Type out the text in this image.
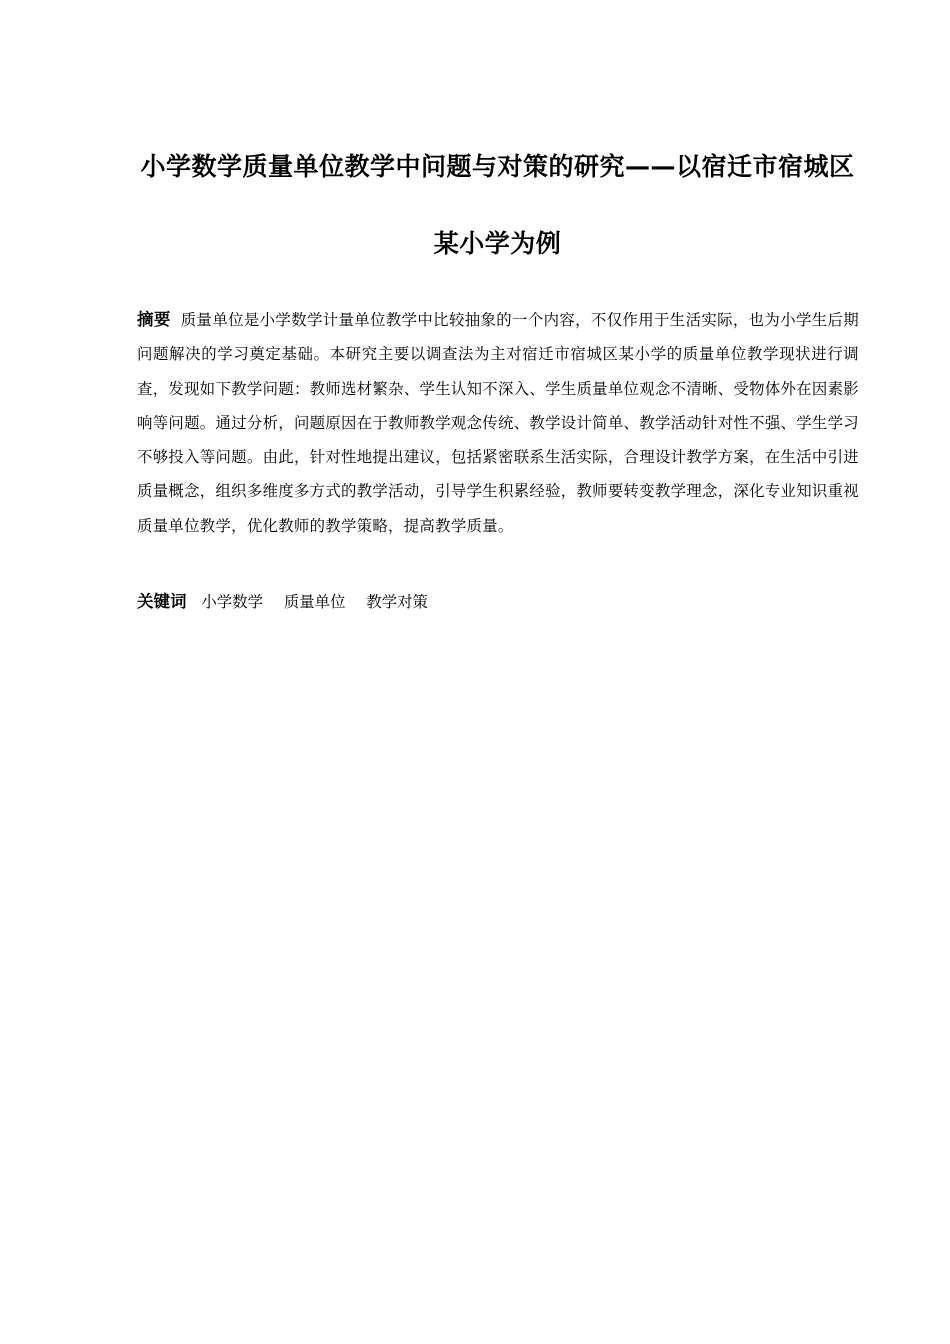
小学数学质量单位教学中问题与对策的研究——以宿迁市宿城区
某小学为例
摘要 质量单位是小学数学计量单位教学中比较抽象的一个内容，不仅作用于生活实际，也为小学生后期问题解决的学习奠定基础。本研究主要以调查法为主对宿迁市宿城区某小学的质量单位教学现状进行调查，发现如下教学问题：教师选材繁杂、学生认知不深入、学生质量单位观念不清晰、受物体外在因素影响等问题。通过分析，问题原因在于教师教学观念传统、教学设计简单、教学活动针对性不强、学生学习不够投入等问题。由此，针对性地提出建议，包括紧密联系生活实际，合理设计教学方案，在生活中引进质量概念，组织多维度多方式的教学活动，引导学生积累经验，教师要转变教学理念，深化专业知识重视质量单位教学，优化教师的教学策略，提高教学质量。
关键词 小学数学 质量单位 教学对策
